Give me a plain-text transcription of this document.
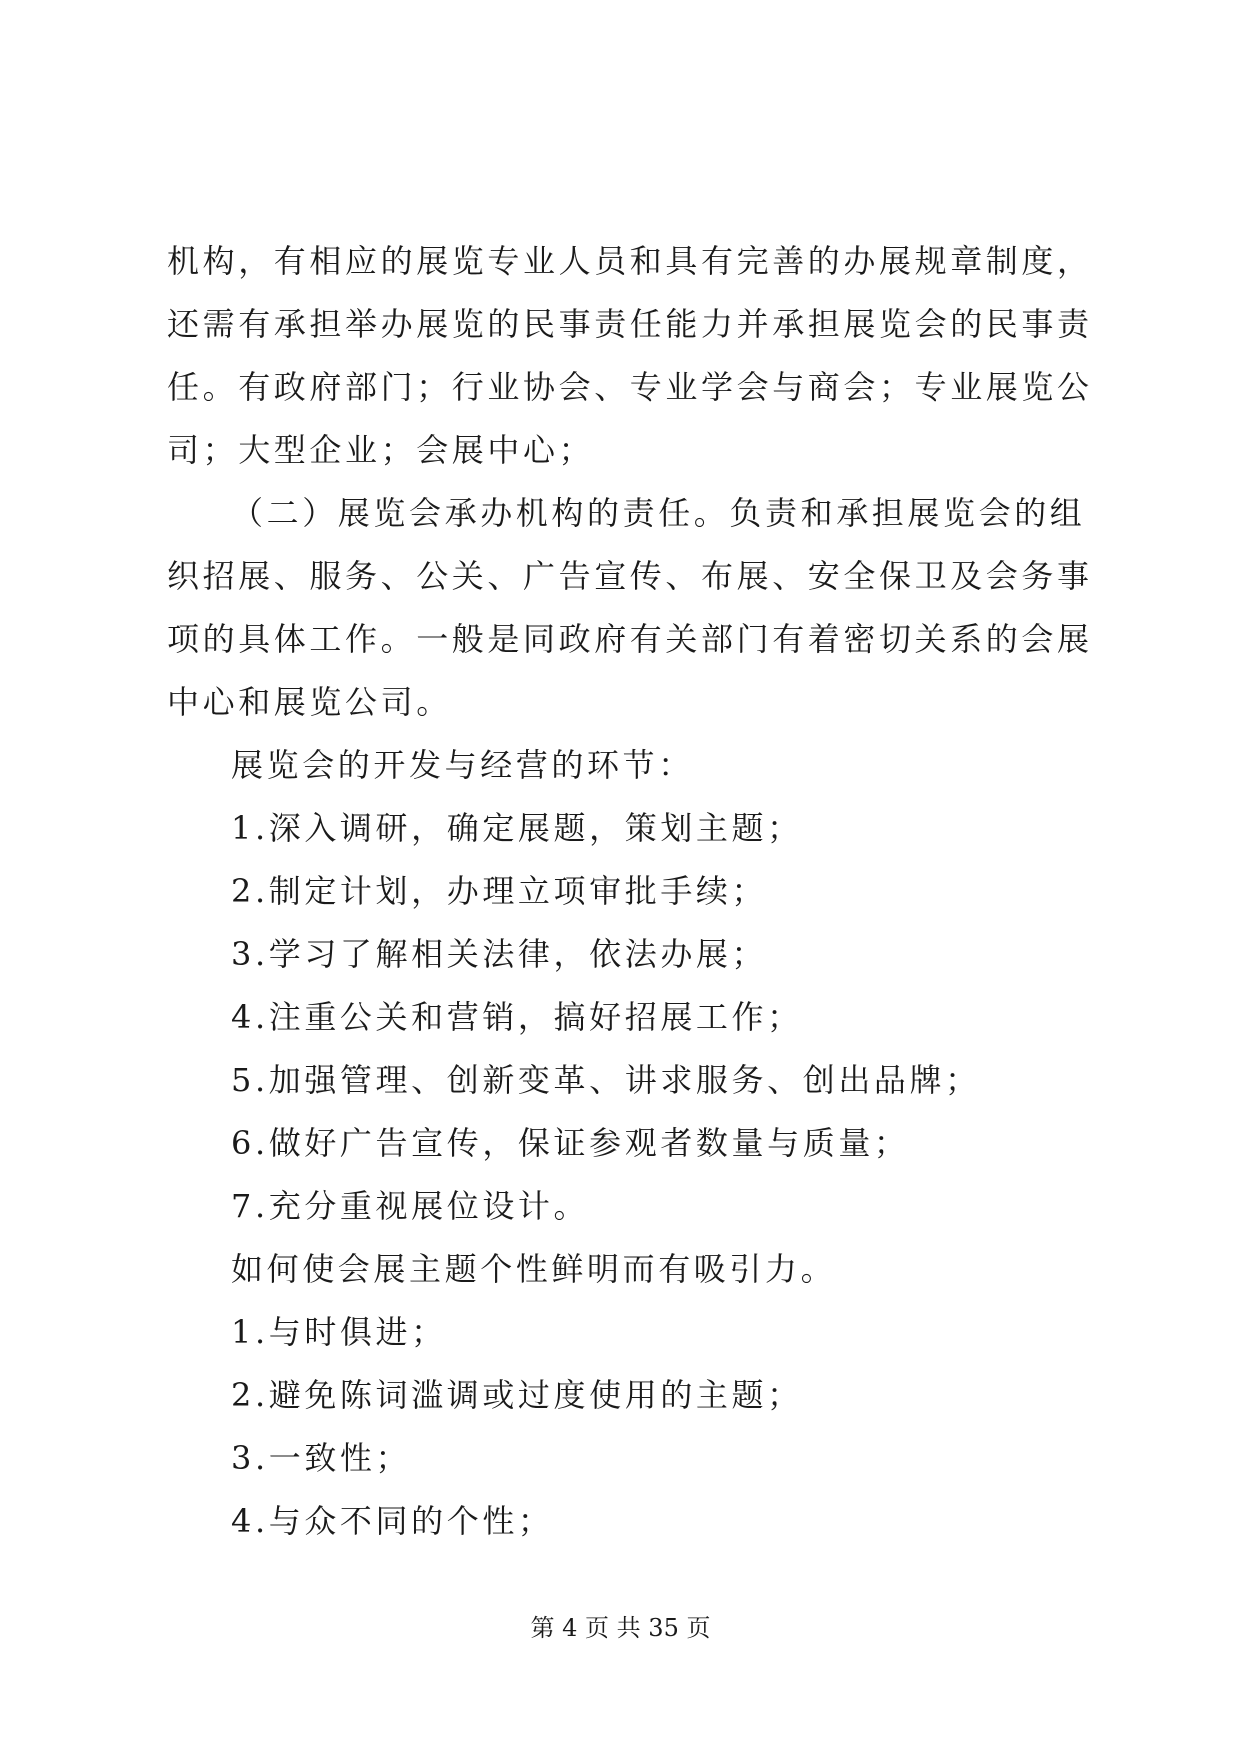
机构，有相应的展览专业人员和具有完善的办展规章制度，还需有承担举办展览的民事责任能力并承担展览会的民事责任。有政府部门；行业协会、专业学会与商会；专业展览公司；大型企业；会展中心；

（二）展览会承办机构的责任。负责和承担展览会的组织招展、服务、公关、广告宣传、布展、安全保卫及会务事项的具体工作。一般是同政府有关部门有着密切关系的会展中心和展览公司。

展览会的开发与经营的环节：

1.深入调研，确定展题，策划主题；

2.制定计划，办理立项审批手续；

3.学习了解相关法律，依法办展；

4.注重公关和营销，搞好招展工作；

5.加强管理、创新变革、讲求服务、创出品牌；

6.做好广告宣传，保证参观者数量与质量；

7.充分重视展位设计。

如何使会展主题个性鲜明而有吸引力。

1.与时俱进；

2.避免陈词滥调或过度使用的主题；

3.一致性；

4.与众不同的个性；

第 4 页 共 35 页
